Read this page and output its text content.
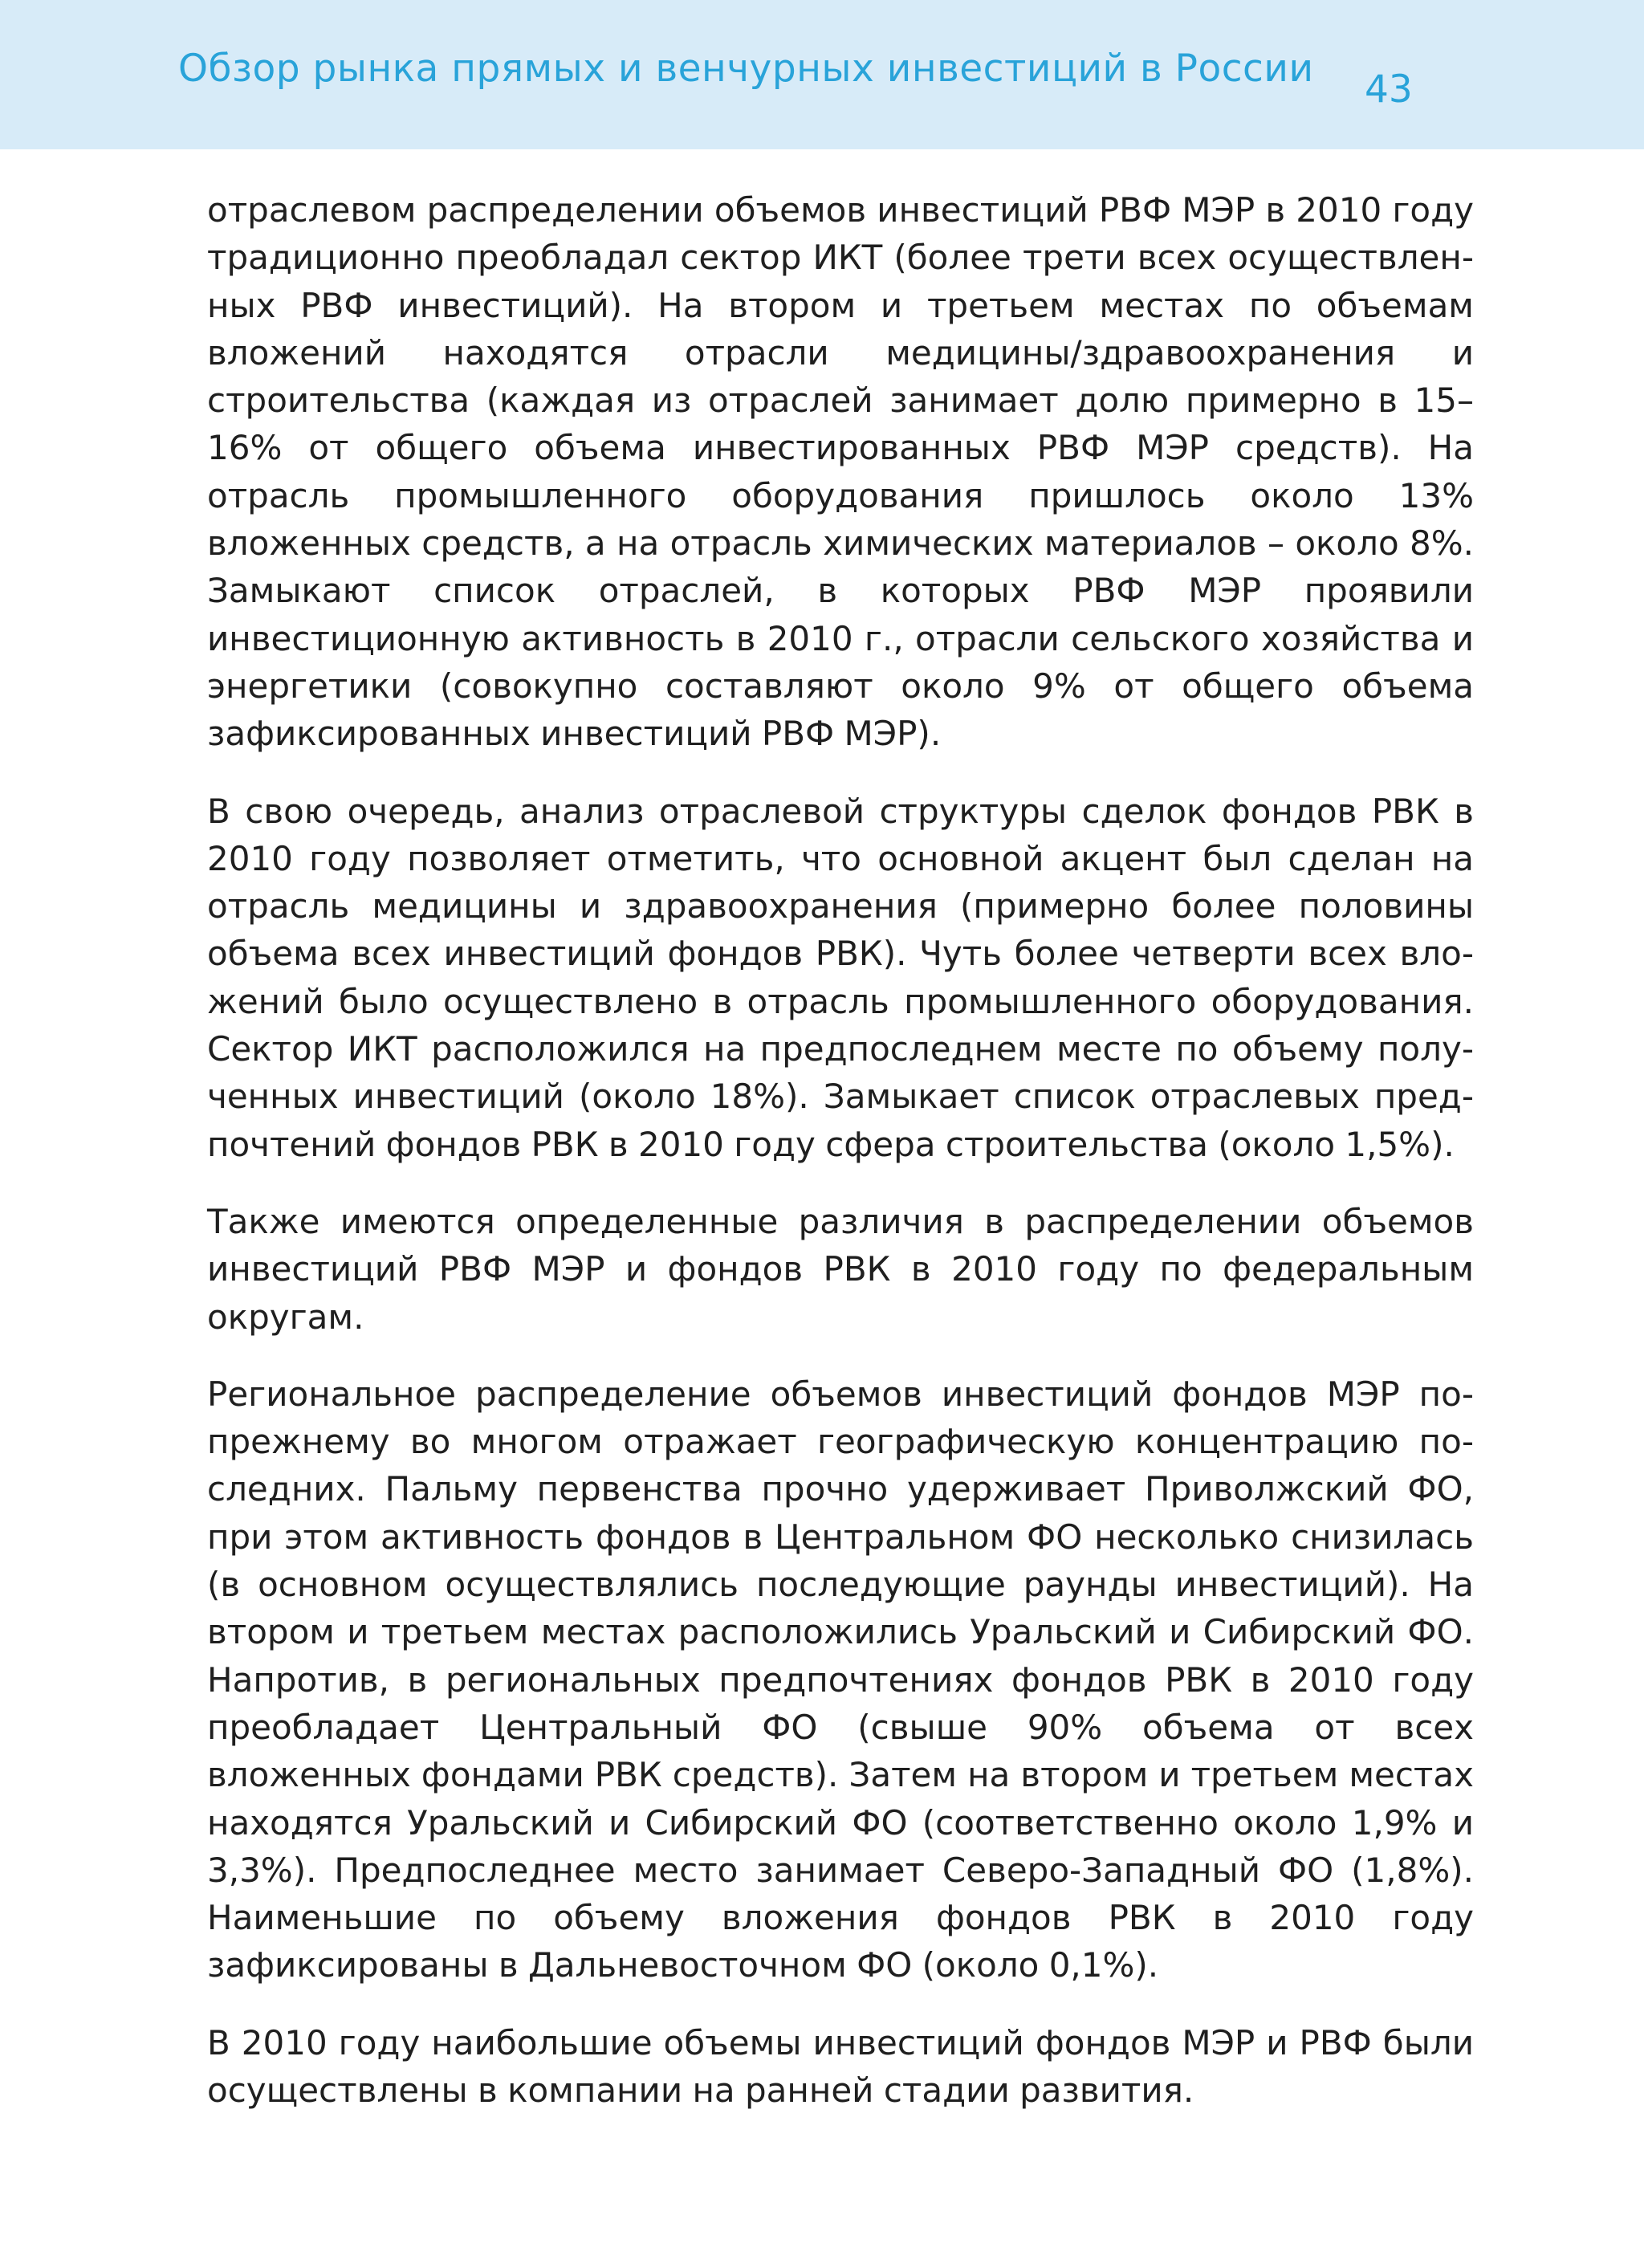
Обзор рынка прямых и венчурных инвестиций в России 43

отраслевом распределении объемов инвестиций РВФ МЭР в 2010 году традиционно преобладал сектор ИКТ (более трети всех осуществленных РВФ инвестиций). На втором и третьем местах по объемам вложений находятся отрасли медицины/здравоохранения и строительства (каждая из отраслей занимает долю примерно в 15–16% от общего объема инвестированных РВФ МЭР средств). На отрасль промышленного оборудования пришлось около 13% вложенных средств, а на отрасль химических материалов – около 8%. Замыкают список отраслей, в которых РВФ МЭР проявили инвестиционную активность в 2010 г., отрасли сельского хозяйства и энергетики (совокупно составляют около 9% от общего объема зафиксированных инвестиций РВФ МЭР).

В свою очередь, анализ отраслевой структуры сделок фондов РВК в 2010 году позволяет отметить, что основной акцент был сделан на отрасль медицины и здравоохранения (примерно более половины объема всех инвестиций фондов РВК). Чуть более четверти всех вложений было осуществлено в отрасль промышленного оборудования. Сектор ИКТ расположился на предпоследнем месте по объему полученных инвестиций (около 18%). Замыкает список отраслевых предпочтений фондов РВК в 2010 году сфера строительства (около 1,5%).

Также имеются определенные различия в распределении объемов инвестиций РВФ МЭР и фондов РВК в 2010 году по федеральным округам.

Региональное распределение объемов инвестиций фондов МЭР по-прежнему во многом отражает географическую концентрацию последних. Пальму первенства прочно удерживает Приволжский ФО, при этом активность фондов в Центральном ФО несколько снизилась (в основном осуществлялись последующие раунды инвестиций). На втором и третьем местах расположились Уральский и Сибирский ФО. Напротив, в региональных предпочтениях фондов РВК в 2010 году преобладает Центральный ФО (свыше 90% объема от всех вложенных фондами РВК средств). Затем на втором и третьем местах находятся Уральский и Сибирский ФО (соответственно около 1,9% и 3,3%). Предпоследнее место занимает Северо-Западный ФО (1,8%). Наименьшие по объему вложения фондов РВК в 2010 году зафиксированы в Дальневосточном ФО (около 0,1%).

В 2010 году наибольшие объемы инвестиций фондов МЭР и РВФ были осуществлены в компании на ранней стадии развития.
